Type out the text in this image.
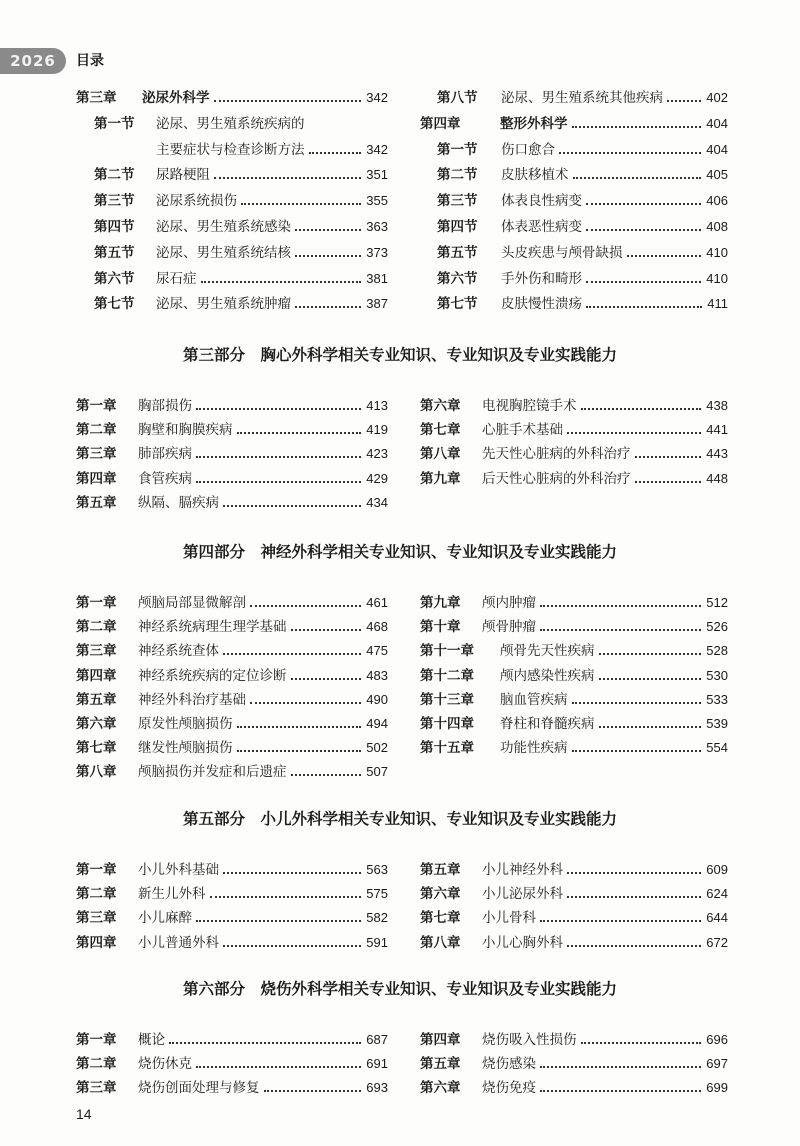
2026	目录
第三章	泌尿外科学	342
第一节	泌尿、男生殖系统疾病的
主要症状与检查诊断方法	342
第二节	尿路梗阻	351
第三节	泌尿系统损伤	355
第四节	泌尿、男生殖系统感染	363
第五节	泌尿、男生殖系统结核	373
第六节	尿石症	381
第七节	泌尿、男生殖系统肿瘤	387
第八节	泌尿、男生殖系统其他疾病	402
第四章	整形外科学	404
第一节	伤口愈合	404
第二节	皮肤移植术	405
第三节	体表良性病变	406
第四节	体表恶性病变	408
第五节	头皮疾患与颅骨缺损	410
第六节	手外伤和畸形	410
第七节	皮肤慢性溃疡	411
第三部分　胸心外科学相关专业知识、专业知识及专业实践能力
第一章	胸部损伤	413
第二章	胸壁和胸膜疾病	419
第三章	肺部疾病	423
第四章	食管疾病	429
第五章	纵隔、膈疾病	434
第六章	电视胸腔镜手术	438
第七章	心脏手术基础	441
第八章	先天性心脏病的外科治疗	443
第九章	后天性心脏病的外科治疗	448
第四部分　神经外科学相关专业知识、专业知识及专业实践能力
第一章	颅脑局部显微解剖	461
第二章	神经系统病理生理学基础	468
第三章	神经系统查体	475
第四章	神经系统疾病的定位诊断	483
第五章	神经外科治疗基础	490
第六章	原发性颅脑损伤	494
第七章	继发性颅脑损伤	502
第八章	颅脑损伤并发症和后遗症	507
第九章	颅内肿瘤	512
第十章	颅骨肿瘤	526
第十一章	颅骨先天性疾病	528
第十二章	颅内感染性疾病	530
第十三章	脑血管疾病	533
第十四章	脊柱和脊髓疾病	539
第十五章	功能性疾病	554
第五部分　小儿外科学相关专业知识、专业知识及专业实践能力
第一章	小儿外科基础	563
第二章	新生儿外科	575
第三章	小儿麻醉	582
第四章	小儿普通外科	591
第五章	小儿神经外科	609
第六章	小儿泌尿外科	624
第七章	小儿骨科	644
第八章	小儿心胸外科	672
第六部分　烧伤外科学相关专业知识、专业知识及专业实践能力
第一章	概论	687
第二章	烧伤休克	691
第三章	烧伤创面处理与修复	693
第四章	烧伤吸入性损伤	696
第五章	烧伤感染	697
第六章	烧伤免疫	699
14
